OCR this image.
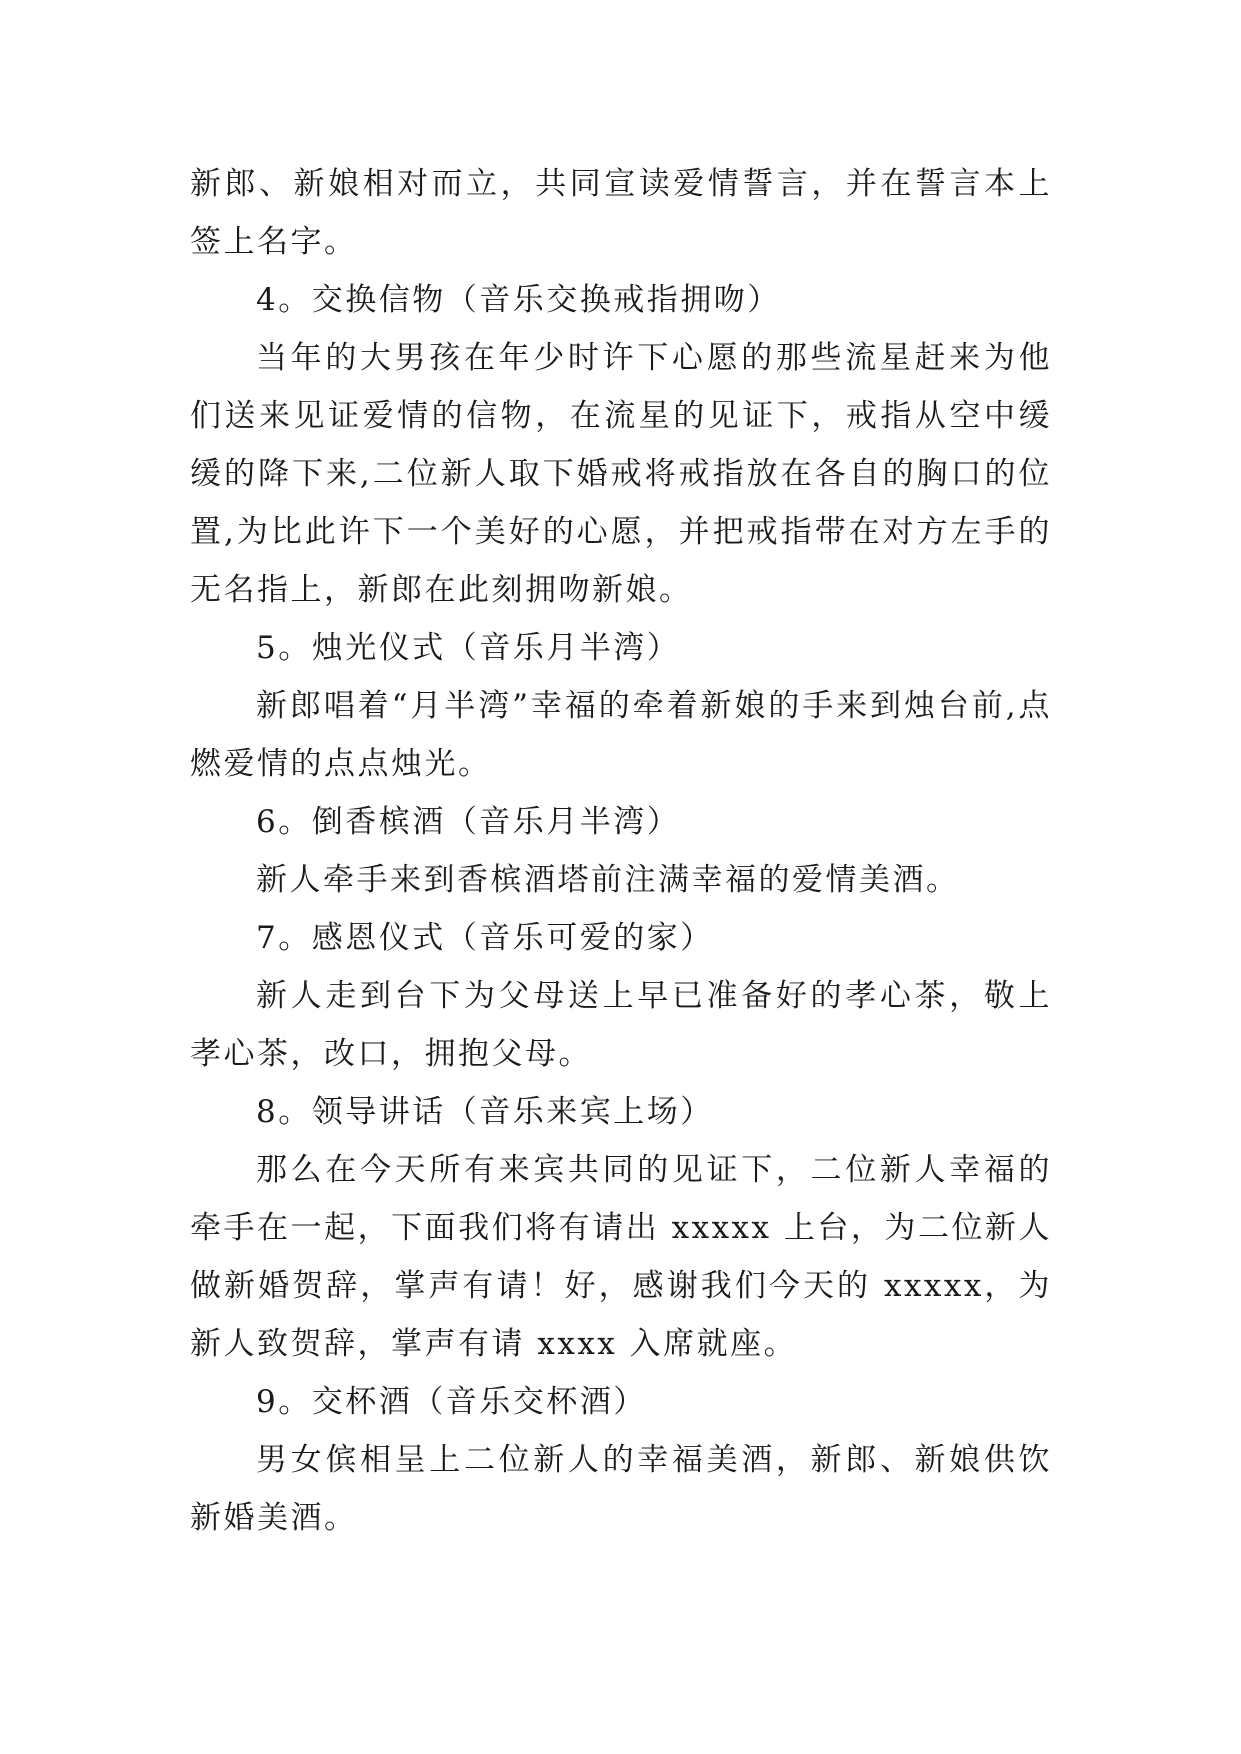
新郎、新娘相对而立，共同宣读爱情誓言，并在誓言本上签上名字。

4。交换信物（音乐交换戒指拥吻）

当年的大男孩在年少时许下心愿的那些流星赶来为他们送来见证爱情的信物，在流星的见证下，戒指从空中缓缓的降下来,二位新人取下婚戒将戒指放在各自的胸口的位置,为比此许下一个美好的心愿，并把戒指带在对方左手的无名指上，新郎在此刻拥吻新娘。

5。烛光仪式（音乐月半湾）

新郎唱着“月半湾”幸福的牵着新娘的手来到烛台前,点燃爱情的点点烛光。

6。倒香槟酒（音乐月半湾）

新人牵手来到香槟酒塔前注满幸福的爱情美酒。

7。感恩仪式（音乐可爱的家）

新人走到台下为父母送上早已准备好的孝心茶，敬上孝心茶，改口，拥抱父母。

8。领导讲话（音乐来宾上场）

那么在今天所有来宾共同的见证下，二位新人幸福的牵手在一起，下面我们将有请出 xxxxx 上台，为二位新人做新婚贺辞，掌声有请！好，感谢我们今天的 xxxxx，为新人致贺辞，掌声有请 xxxx 入席就座。

9。交杯酒（音乐交杯酒）

男女傧相呈上二位新人的幸福美酒，新郎、新娘供饮新婚美酒。
